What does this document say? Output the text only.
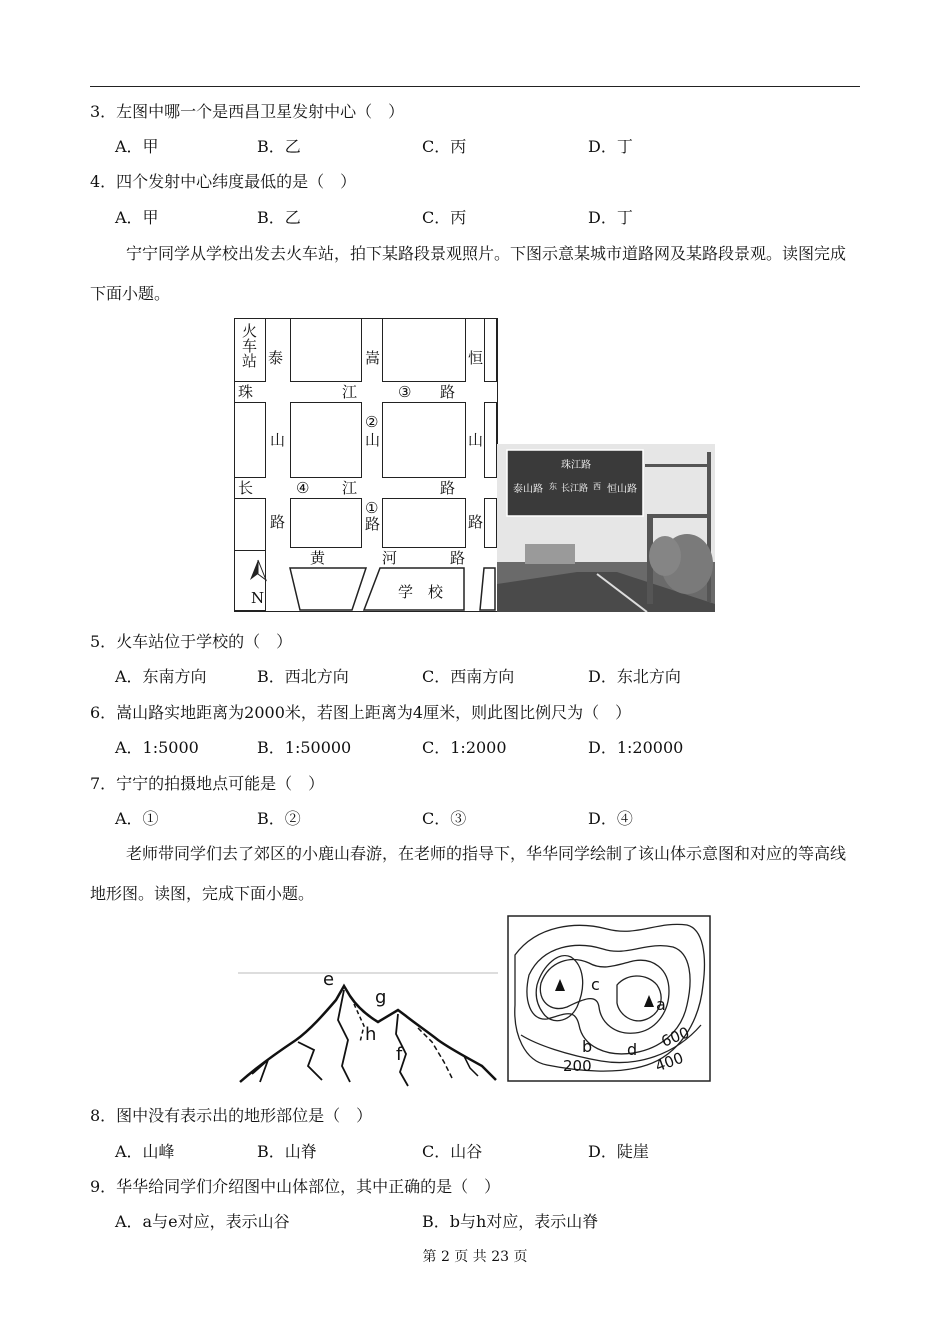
3．左图中哪一个是西昌卫星发射中心（　）
A．甲	B．乙	C．丙	D．丁
4．四个发射中心纬度最低的是（　）
A．甲	B．乙	C．丙	D．丁
宁宁同学从学校出发去火车站，拍下某路段景观照片。下图示意某城市道路网及某路段景观。读图完成下面小题。
火
车
站 泰	嵩	恒
珠	江	③ 路
②
山	山	山
长	④ 江	路
①
路	路	路
黄	河	路
学　校
N
珠江路
泰山路 东 长江路 西 恒山路
5．火车站位于学校的（　）
A．东南方向	B．西北方向	C．西南方向	D．东北方向
6．嵩山路实地距离为2000米，若图上距离为4厘米，则此图比例尺为（　）
A．1:5000	B．1:50000	C．1:2000	D．1:20000
7．宁宁的拍摄地点可能是（　）
A．①	B．②	C．③	D．④
老师带同学们去了郊区的小鹿山春游，在老师的指导下，华华同学绘制了该山体示意图和对应的等高线地形图。读图，完成下面小题。
e
g
h
f
c
a
b d
200	400
600
8．图中没有表示出的地形部位是（　）
A．山峰	B．山脊	C．山谷	D．陡崖
9．华华给同学们介绍图中山体部位，其中正确的是（　）
A．a与e对应，表示山谷	B．b与h对应，表示山脊
第 2 页 共 23 页
